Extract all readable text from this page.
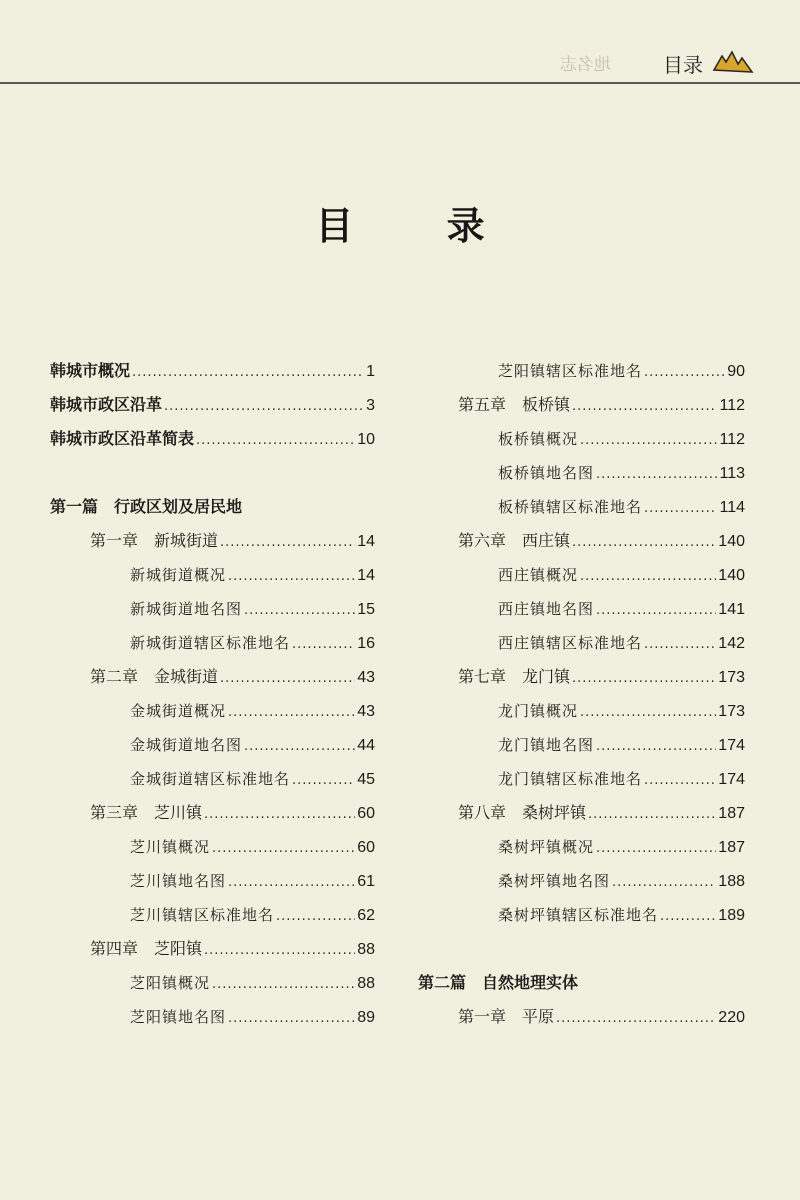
地名志	目录
目 录
韩城市概况 .....	1
韩城市政区沿革 .....	3
韩城市政区沿革简表 .....	10
第一篇　行政区划及居民地
第一章　新城街道 .....	14
新城街道概况 .....	14
新城街道地名图 .....	15
新城街道辖区标准地名 .....	16
第二章　金城街道 .....	43
金城街道概况 .....	43
金城街道地名图 .....	44
金城街道辖区标准地名 .....	45
第三章　芝川镇 .....	60
芝川镇概况 .....	60
芝川镇地名图 .....	61
芝川镇辖区标准地名 .....	62
第四章　芝阳镇 .....	88
芝阳镇概况 .....	88
芝阳镇地名图 .....	89
芝阳镇辖区标准地名 .....	90
第五章　板桥镇 .....	112
板桥镇概况 .....	112
板桥镇地名图 .....	113
板桥镇辖区标准地名 .....	114
第六章　西庄镇 .....	140
西庄镇概况 .....	140
西庄镇地名图 .....	141
西庄镇辖区标准地名 .....	142
第七章　龙门镇 .....	173
龙门镇概况 .....	173
龙门镇地名图 .....	174
龙门镇辖区标准地名 .....	174
第八章　桑树坪镇 .....	187
桑树坪镇概况 .....	187
桑树坪镇地名图 .....	188
桑树坪镇辖区标准地名 .....	189
第二篇　自然地理实体
第一章　平原 .....	220
